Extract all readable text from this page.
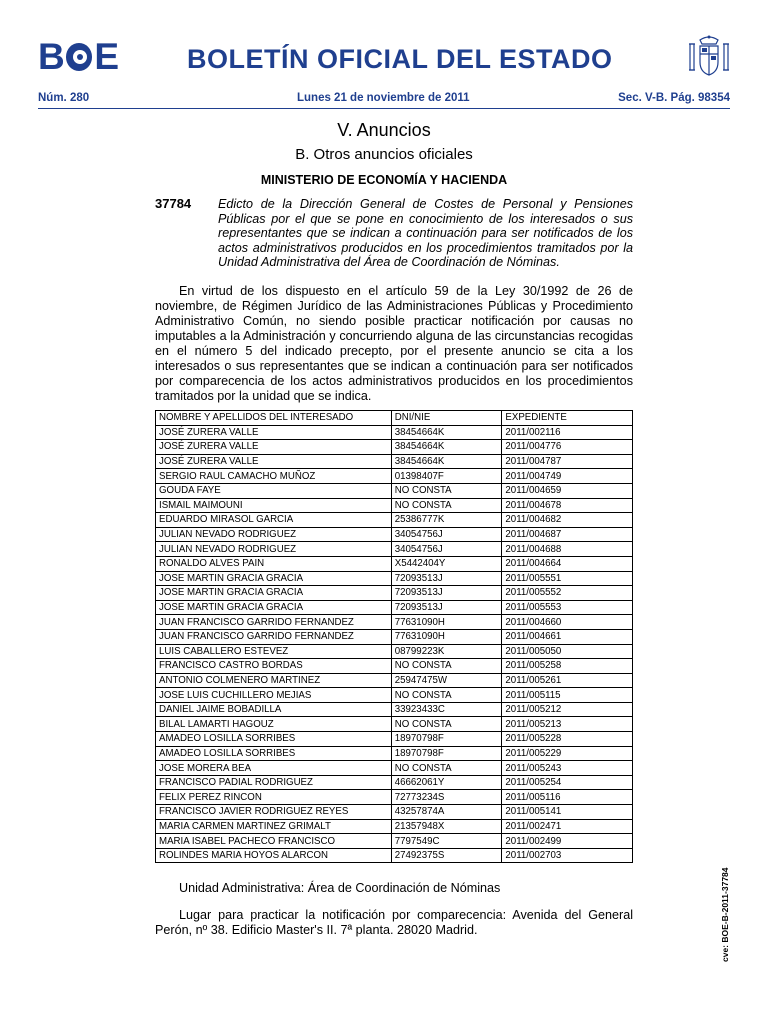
B E	BOLETÍN OFICIAL DEL ESTADO
Núm. 280	Lunes 21 de noviembre de 2011	Sec. V-B. Pág. 98354
V. Anuncios
B. Otros anuncios oficiales
MINISTERIO DE ECONOMÍA Y HACIENDA
37784 Edicto de la Dirección General de Costes de Personal y Pensiones Públicas por el que se pone en conocimiento de los interesados o sus representantes que se indican a continuación para ser notificados de los actos administrativos producidos en los procedimientos tramitados por la Unidad Administrativa del Área de Coordinación de Nóminas.
En virtud de los dispuesto en el artículo 59 de la Ley 30/1992 de 26 de noviembre, de Régimen Jurídico de las Administraciones Públicas y Procedimiento Administrativo Común, no siendo posible practicar notificación por causas no imputables a la Administración y concurriendo alguna de las circunstancias recogidas en el número 5 del indicado precepto, por el presente anuncio se cita a los interesados o sus representantes que se indican a continuación para ser notificados por comparecencia de los actos administrativos producidos en los procedimientos tramitados por la unidad que se indica.
NOMBRE Y APELLIDOS DEL INTERESADO	DNI/NIE	EXPEDIENTE
JOSÉ ZURERA VALLE	38454664K	2011/002116
JOSÉ ZURERA VALLE	38454664K	2011/004776
JOSÉ ZURERA VALLE	38454664K	2011/004787
SERGIO RAUL CAMACHO MUÑOZ	01398407F	2011/004749
GOUDA FAYE	NO CONSTA	2011/004659
ISMAIL MAIMOUNI	NO CONSTA	2011/004678
EDUARDO MIRASOL GARCIA	25386777K	2011/004682
JULIAN NEVADO RODRIGUEZ	34054756J	2011/004687
JULIAN NEVADO RODRIGUEZ	34054756J	2011/004688
RONALDO ALVES PAIN	X5442404Y	2011/004664
JOSE MARTIN GRACIA GRACIA	72093513J	2011/005551
JOSE MARTIN GRACIA GRACIA	72093513J	2011/005552
JOSE MARTIN GRACIA GRACIA	72093513J	2011/005553
JUAN FRANCISCO GARRIDO FERNANDEZ	77631090H	2011/004660
JUAN FRANCISCO GARRIDO FERNANDEZ	77631090H	2011/004661
LUIS CABALLERO ESTEVEZ	08799223K	2011/005050
FRANCISCO CASTRO BORDAS	NO CONSTA	2011/005258
ANTONIO COLMENERO MARTINEZ	25947475W	2011/005261
JOSE LUIS CUCHILLERO MEJIAS	NO CONSTA	2011/005115
DANIEL JAIME BOBADILLA	33923433C	2011/005212
BILAL LAMARTI HAGOUZ	NO CONSTA	2011/005213
AMADEO LOSILLA SORRIBES	18970798F	2011/005228
AMADEO LOSILLA SORRIBES	18970798F	2011/005229
JOSE MORERA BEA	NO CONSTA	2011/005243
FRANCISCO PADIAL RODRIGUEZ	46662061Y	2011/005254
FELIX PEREZ RINCON	72773234S	2011/005116
FRANCISCO JAVIER RODRIGUEZ REYES	43257874A	2011/005141
MARIA CARMEN MARTINEZ GRIMALT	21357948X	2011/002471
MARIA ISABEL PACHECO FRANCISCO	7797549C	2011/002499
ROLINDES MARIA HOYOS ALARCON	27492375S	2011/002703
Unidad Administrativa: Área de Coordinación de Nóminas
Lugar para practicar la notificación por comparecencia: Avenida del General Perón, nº 38. Edificio Master's II. 7ª planta. 28020 Madrid.	cve: BOE-B-2011-37784
